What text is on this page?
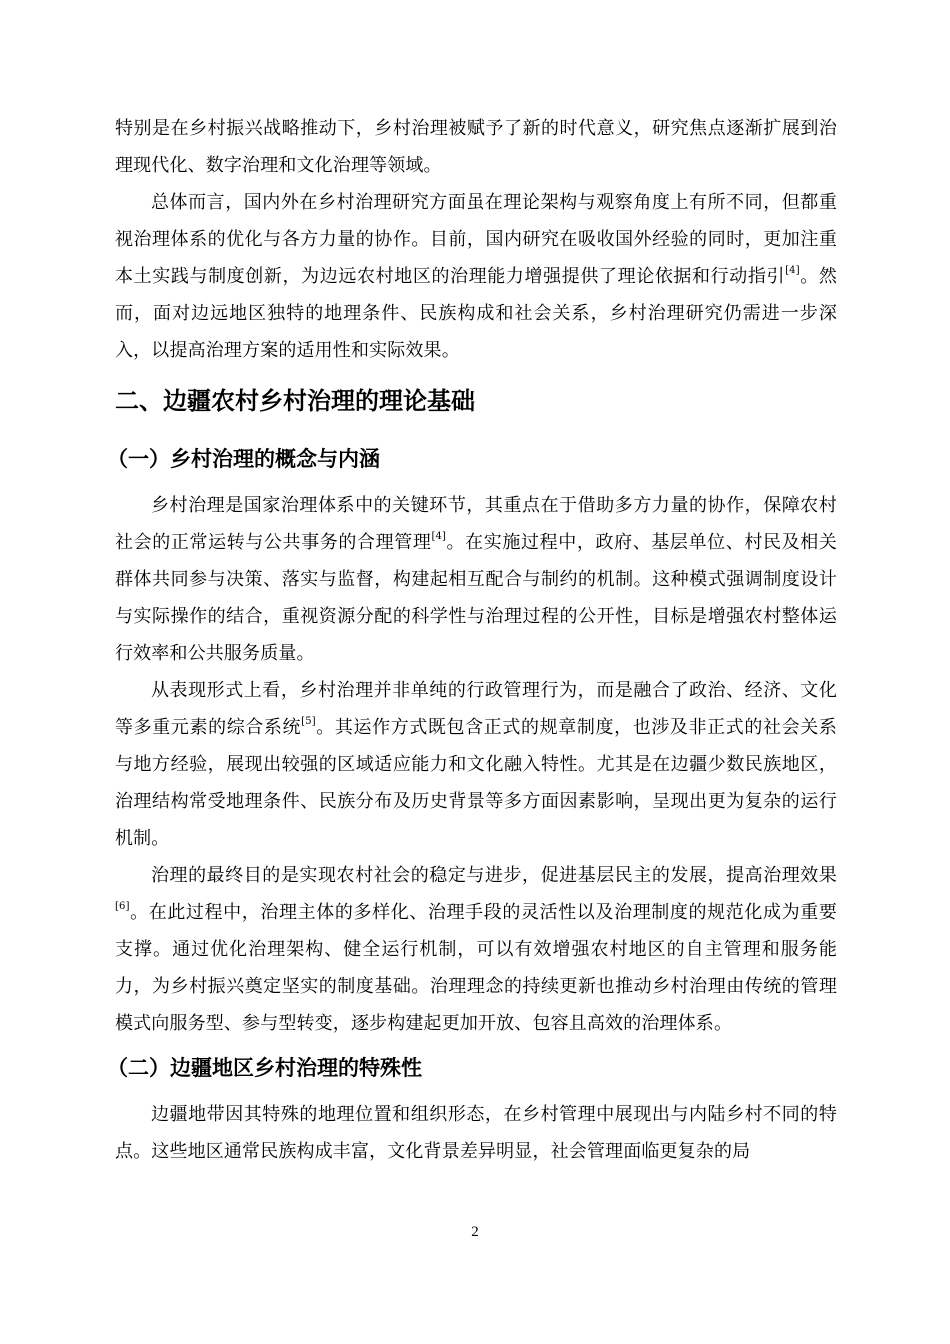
特别是在乡村振兴战略推动下，乡村治理被赋予了新的时代意义，研究焦点逐渐扩展到治理现代化、数字治理和文化治理等领域。

总体而言，国内外在乡村治理研究方面虽在理论架构与观察角度上有所不同，但都重视治理体系的优化与各方力量的协作。目前，国内研究在吸收国外经验的同时，更加注重本土实践与制度创新，为边远农村地区的治理能力增强提供了理论依据和行动指引[4]。然而，面对边远地区独特的地理条件、民族构成和社会关系，乡村治理研究仍需进一步深入，以提高治理方案的适用性和实际效果。

二、边疆农村乡村治理的理论基础
（一）乡村治理的概念与内涵

乡村治理是国家治理体系中的关键环节，其重点在于借助多方力量的协作，保障农村社会的正常运转与公共事务的合理管理[4]。在实施过程中，政府、基层单位、村民及相关群体共同参与决策、落实与监督，构建起相互配合与制约的机制。这种模式强调制度设计与实际操作的结合，重视资源分配的科学性与治理过程的公开性，目标是增强农村整体运行效率和公共服务质量。

从表现形式上看，乡村治理并非单纯的行政管理行为，而是融合了政治、经济、文化等多重元素的综合系统[5]。其运作方式既包含正式的规章制度，也涉及非正式的社会关系与地方经验，展现出较强的区域适应能力和文化融入特性。尤其是在边疆少数民族地区，治理结构常受地理条件、民族分布及历史背景等多方面因素影响，呈现出更为复杂的运行机制。

治理的最终目的是实现农村社会的稳定与进步，促进基层民主的发展，提高治理效果[6]。在此过程中，治理主体的多样化、治理手段的灵活性以及治理制度的规范化成为重要支撑。通过优化治理架构、健全运行机制，可以有效增强农村地区的自主管理和服务能力，为乡村振兴奠定坚实的制度基础。治理理念的持续更新也推动乡村治理由传统的管理模式向服务型、参与型转变，逐步构建起更加开放、包容且高效的治理体系。

（二）边疆地区乡村治理的特殊性

边疆地带因其特殊的地理位置和组织形态，在乡村管理中展现出与内陆乡村不同的特点。这些地区通常民族构成丰富，文化背景差异明显，社会管理面临更复杂的局

2
